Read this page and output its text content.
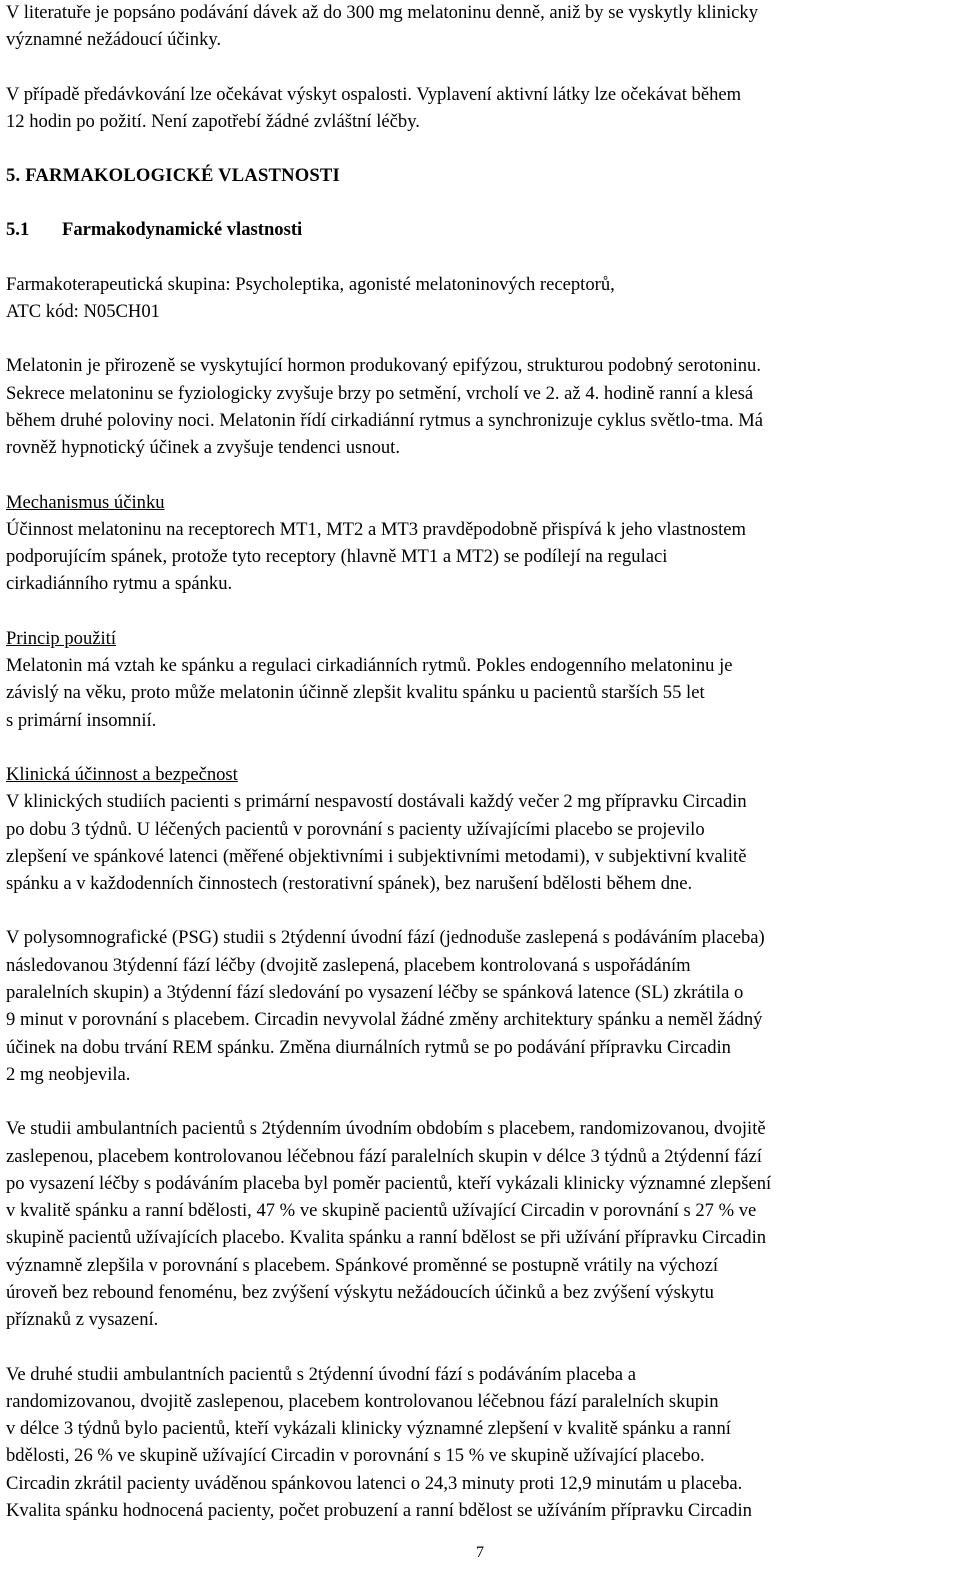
V literatuře je popsáno podávání dávek až do 300 mg melatoninu denně, aniž by se vyskytly klinicky
významné nežádoucí účinky.

V případě předávkování lze očekávat výskyt ospalosti. Vyplavení aktivní látky lze očekávat během
12 hodin po požití. Není zapotřebí žádné zvláštní léčby.

5. FARMAKOLOGICKÉ VLASTNOSTI

5.1 Farmakodynamické vlastnosti

Farmakoterapeutická skupina: Psycholeptika, agonisté melatoninových receptorů,
ATC kód: N05CH01

Melatonin je přirozeně se vyskytující hormon produkovaný epifýzou, strukturou podobný serotoninu.
Sekrece melatoninu se fyziologicky zvyšuje brzy po setmění, vrcholí ve 2. až 4. hodině ranní a klesá
během druhé poloviny noci. Melatonin řídí cirkadiánní rytmus a synchronizuje cyklus světlo-tma. Má
rovněž hypnotický účinek a zvyšuje tendenci usnout.

Mechanismus účinku

Účinnost melatoninu na receptorech MT1, MT2 a MT3 pravděpodobně přispívá k jeho vlastnostem
podporujícím spánek, protože tyto receptory (hlavně MT1 a MT2) se podílejí na regulaci
cirkadiánního rytmu a spánku.

Princip použití

Melatonin má vztah ke spánku a regulaci cirkadiánních rytmů. Pokles endogenního melatoninu je
závislý na věku, proto může melatonin účinně zlepšit kvalitu spánku u pacientů starších 55 let
s primární insomnií.

Klinická účinnost a bezpečnost

V klinických studiích pacienti s primární nespavostí dostávali každý večer 2 mg přípravku Circadin
po dobu 3 týdnů. U léčených pacientů v porovnání s pacienty užívajícími placebo se projevilo
zlepšení ve spánkové latenci (měřené objektivními i subjektivními metodami), v subjektivní kvalitě
spánku a v každodenních činnostech (restorativní spánek), bez narušení bdělosti během dne.

V polysomnografické (PSG) studii s 2týdenní úvodní fází (jednoduše zaslepená s podáváním placeba)
následovanou 3týdenní fází léčby (dvojitě zaslepená, placebem kontrolovaná s uspořádáním
paralelních skupin) a 3týdenní fází sledování po vysazení léčby se spánková latence (SL) zkrátila o
9 minut v porovnání s placebem. Circadin nevyvolal žádné změny architektury spánku a neměl žádný
účinek na dobu trvání REM spánku. Změna diurnálních rytmů se po podávání přípravku Circadin
2 mg neobjevila.

Ve studii ambulantních pacientů s 2týdenním úvodním obdobím s placebem, randomizovanou, dvojitě
zaslepenou, placebem kontrolovanou léčebnou fází paralelních skupin v délce 3 týdnů a 2týdenní fází
po vysazení léčby s podáváním placeba byl poměr pacientů, kteří vykázali klinicky významné zlepšení
v kvalitě spánku a ranní bdělosti, 47 % ve skupině pacientů užívající Circadin v porovnání s 27 % ve
skupině pacientů užívajících placebo. Kvalita spánku a ranní bdělost se při užívání přípravku Circadin
významně zlepšila v porovnání s placebem. Spánkové proměnné se postupně vrátily na výchozí
úroveň bez rebound fenoménu, bez zvýšení výskytu nežádoucích účinků a bez zvýšení výskytu
příznaků z vysazení.

Ve druhé studii ambulantních pacientů s 2týdenní úvodní fází s podáváním placeba a
randomizovanou, dvojitě zaslepenou, placebem kontrolovanou léčebnou fází paralelních skupin
v délce 3 týdnů bylo pacientů, kteří vykázali klinicky významné zlepšení v kvalitě spánku a ranní
bdělosti, 26 % ve skupině užívající Circadin v porovnání s 15 % ve skupině užívající placebo.
Circadin zkrátil pacienty uváděnou spánkovou latenci o 24,3 minuty proti 12,9 minutám u placeba.
Kvalita spánku hodnocená pacienty, počet probuzení a ranní bdělost se užíváním přípravku Circadin

7
